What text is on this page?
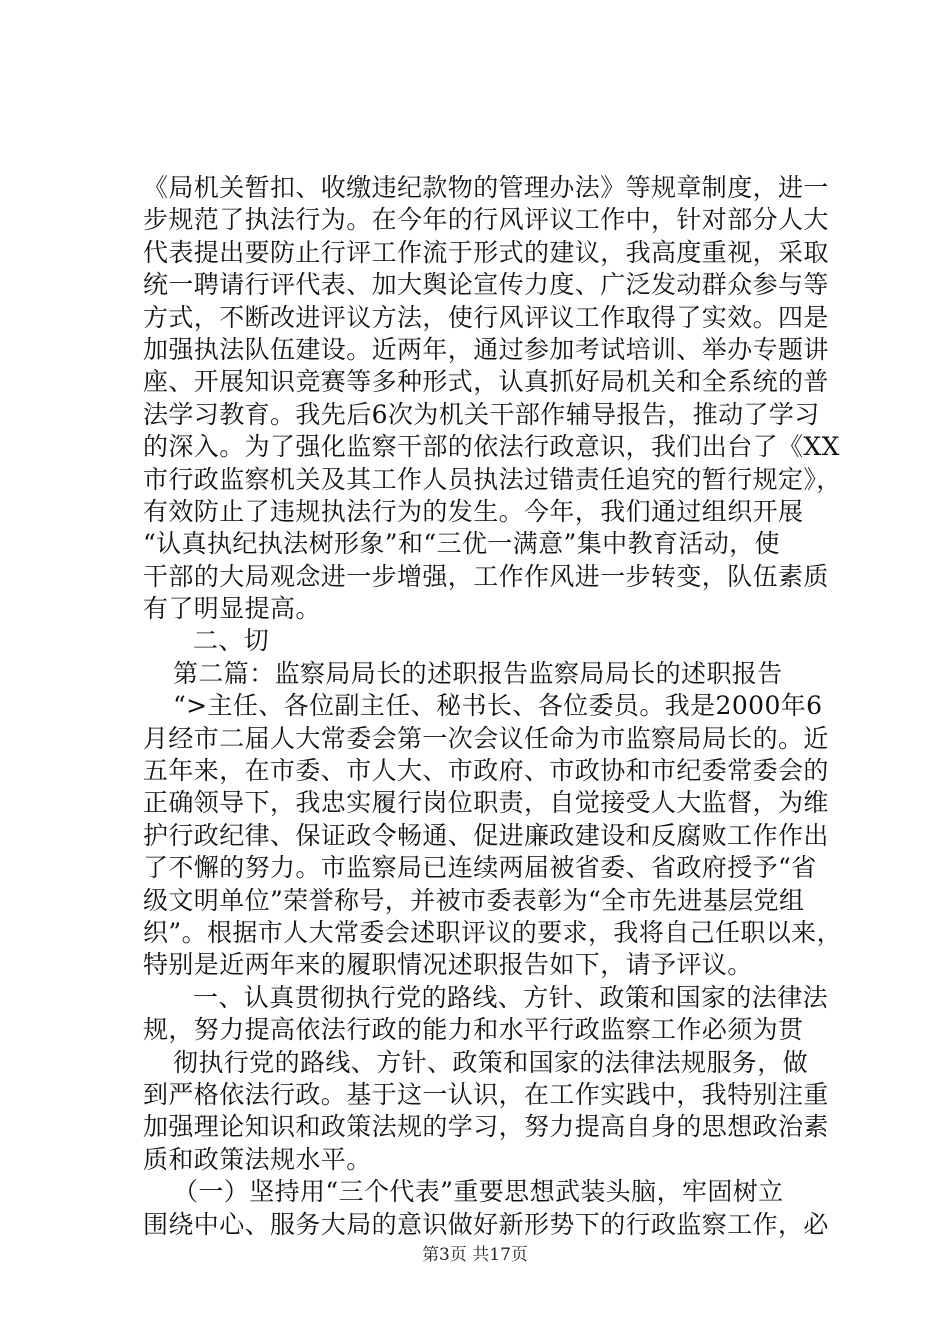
《局机关暂扣、收缴违纪款物的管理办法》等规章制度，进一
步规范了执法行为。在今年的行风评议工作中，针对部分人大
代表提出要防止行评工作流于形式的建议，我高度重视，采取
统一聘请行评代表、加大舆论宣传力度、广泛发动群众参与等
方式，不断改进评议方法，使行风评议工作取得了实效。四是
加强执法队伍建设。近两年，通过参加考试培训、举办专题讲
座、开展知识竞赛等多种形式，认真抓好局机关和全系统的普
法学习教育。我先后6次为机关干部作辅导报告，推动了学习
的深入。为了强化监察干部的依法行政意识，我们出台了《XX
市行政监察机关及其工作人员执法过错责任追究的暂行规定》，
有效防止了违规执法行为的发生。今年，我们通过组织开展
“认真执纪执法树形象”和“三优一满意”集中教育活动，使
干部的大局观念进一步增强，工作作风进一步转变，队伍素质
有了明显提高。
二、切
第二篇：监察局局长的述职报告监察局局长的述职报告
“>主任、各位副主任、秘书长、各位委员。我是2000年6
月经市二届人大常委会第一次会议任命为市监察局局长的。近
五年来，在市委、市人大、市政府、市政协和市纪委常委会的
正确领导下，我忠实履行岗位职责，自觉接受人大监督，为维
护行政纪律、保证政令畅通、促进廉政建设和反腐败工作作出
了不懈的努力。市监察局已连续两届被省委、省政府授予“省
级文明单位”荣誉称号，并被市委表彰为“全市先进基层党组
织”。根据市人大常委会述职评议的要求，我将自己任职以来，
特别是近两年来的履职情况述职报告如下，请予评议。
一、认真贯彻执行党的路线、方针、政策和国家的法律法
规，努力提高依法行政的能力和水平行政监察工作必须为贯
彻执行党的路线、方针、政策和国家的法律法规服务，做
到严格依法行政。基于这一认识，在工作实践中，我特别注重
加强理论知识和政策法规的学习，努力提高自身的思想政治素
质和政策法规水平。
（一）坚持用“三个代表”重要思想武装头脑，牢固树立
围绕中心、服务大局的意识做好新形势下的行政监察工作，必
第3页 共17页
